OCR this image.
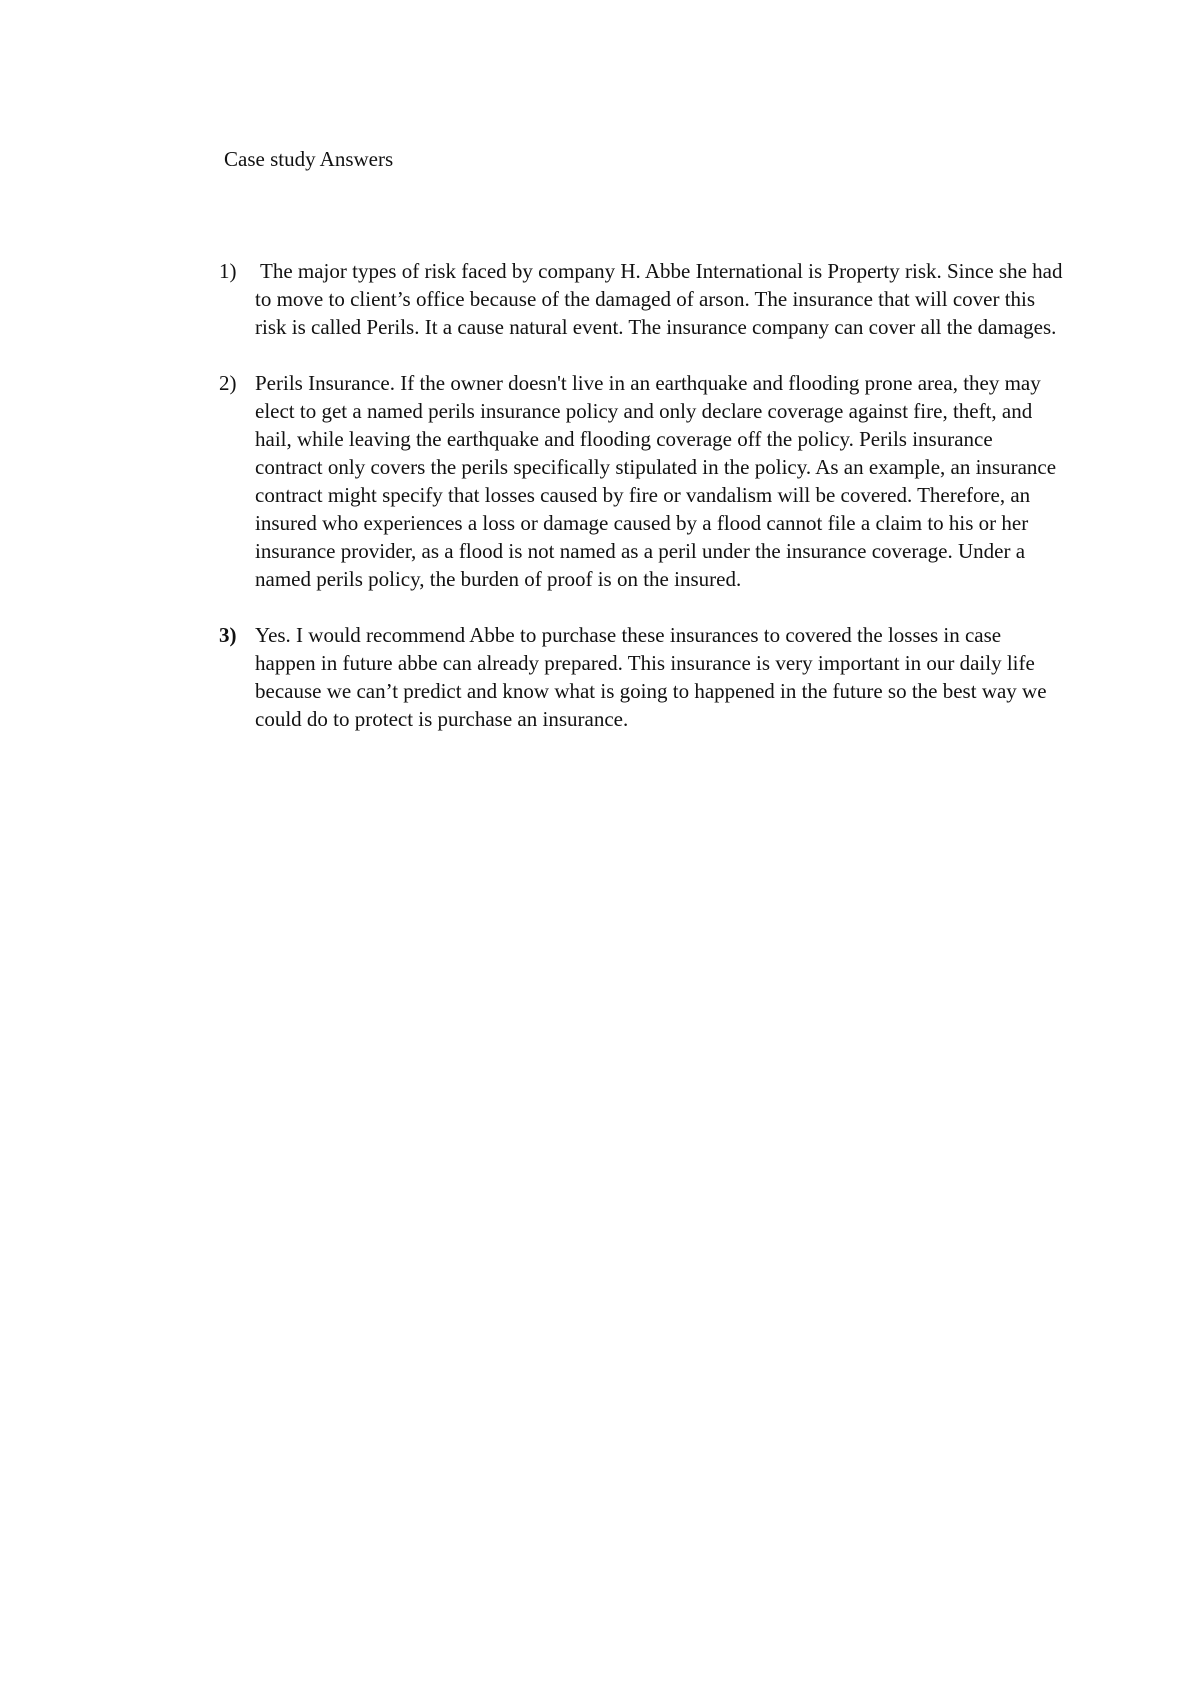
Case study Answers
1)	The major types of risk faced by company H. Abbe International is Property risk. Since she had to move to client’s office because of the damaged of arson. The insurance that will cover this risk is called Perils. It a cause natural event. The insurance company can cover all the damages.

2) Perils Insurance. If the owner doesn't live in an earthquake and flooding prone area, they may elect to get a named perils insurance policy and only declare coverage against fire, theft, and hail, while leaving the earthquake and flooding coverage off the policy. Perils insurance contract only covers the perils specifically stipulated in the policy. As an example, an insurance contract might specify that losses caused by fire or vandalism will be covered. Therefore, an insured who experiences a loss or damage caused by a flood cannot file a claim to his or her insurance provider, as a flood is not named as a peril under the insurance coverage. Under a named perils policy, the burden of proof is on the insured.

3) Yes. I would recommend Abbe to purchase these insurances to covered the losses in case happen in future abbe can already prepared. This insurance is very important in our daily life because we can’t predict and know what is going to happened in the future so the best way we could do to protect is purchase an insurance.
